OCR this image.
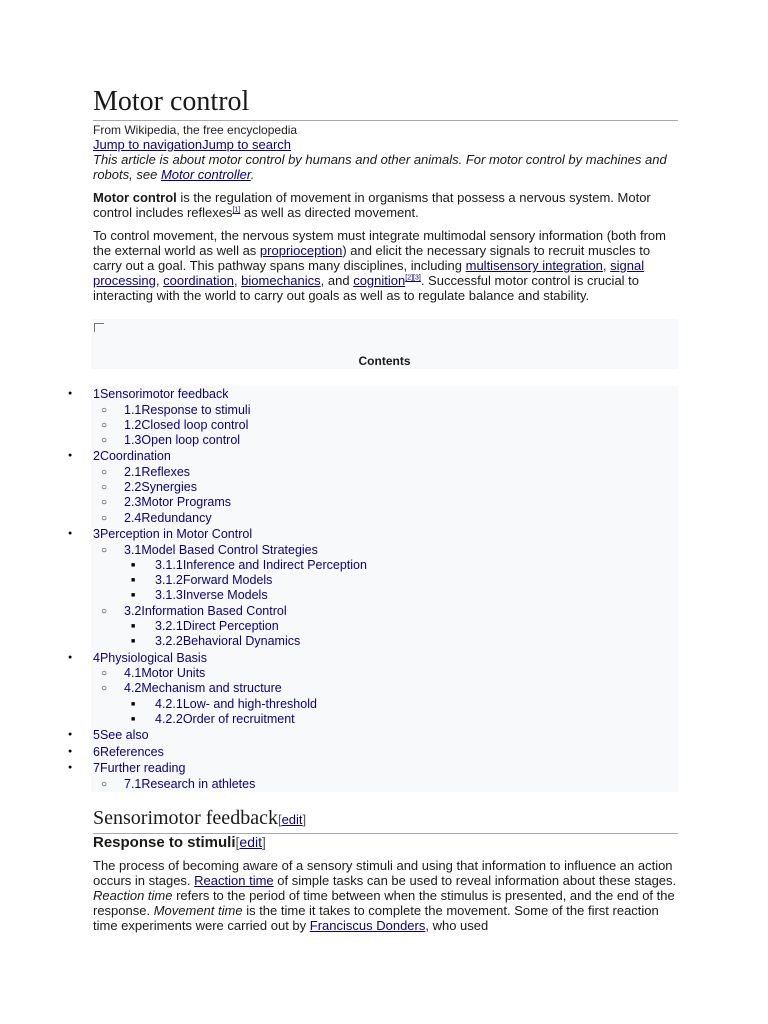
Motor control
From Wikipedia, the free encyclopedia
Jump to navigationJump to search
This article is about motor control by humans and other animals. For motor control by machines and robots, see Motor controller.

Motor control is the regulation of movement in organisms that possess a nervous system. Motor control includes reflexes[1] as well as directed movement.

To control movement, the nervous system must integrate multimodal sensory information (both from the external world as well as proprioception) and elicit the necessary signals to recruit muscles to carry out a goal. This pathway spans many disciplines, including multisensory integration, signal processing, coordination, biomechanics, and cognition[2][3]. Successful motor control is crucial to interacting with the world to carry out goals as well as to regulate balance and stability.

Contents
● 1Sensorimotor feedback
○ 1.1Response to stimuli
○ 1.2Closed loop control
○ 1.3Open loop control
● 2Coordination
○ 2.1Reflexes
○ 2.2Synergies
○ 2.3Motor Programs
○ 2.4Redundancy
● 3Perception in Motor Control
○ 3.1Model Based Control Strategies
■ 3.1.1Inference and Indirect Perception
■ 3.1.2Forward Models
■ 3.1.3Inverse Models
○ 3.2Information Based Control
■ 3.2.1Direct Perception
■ 3.2.2Behavioral Dynamics
● 4Physiological Basis
○ 4.1Motor Units
○ 4.2Mechanism and structure
■ 4.2.1Low- and high-threshold
■ 4.2.2Order of recruitment
● 5See also
● 6References
● 7Further reading
○ 7.1Research in athletes
Sensorimotor feedback[edit]
Response to stimuli[edit]
The process of becoming aware of a sensory stimuli and using that information to influence an action occurs in stages. Reaction time of simple tasks can be used to reveal information about these stages. Reaction time refers to the period of time between when the stimulus is presented, and the end of the response. Movement time is the time it takes to complete the movement. Some of the first reaction time experiments were carried out by Franciscus Donders, who used
